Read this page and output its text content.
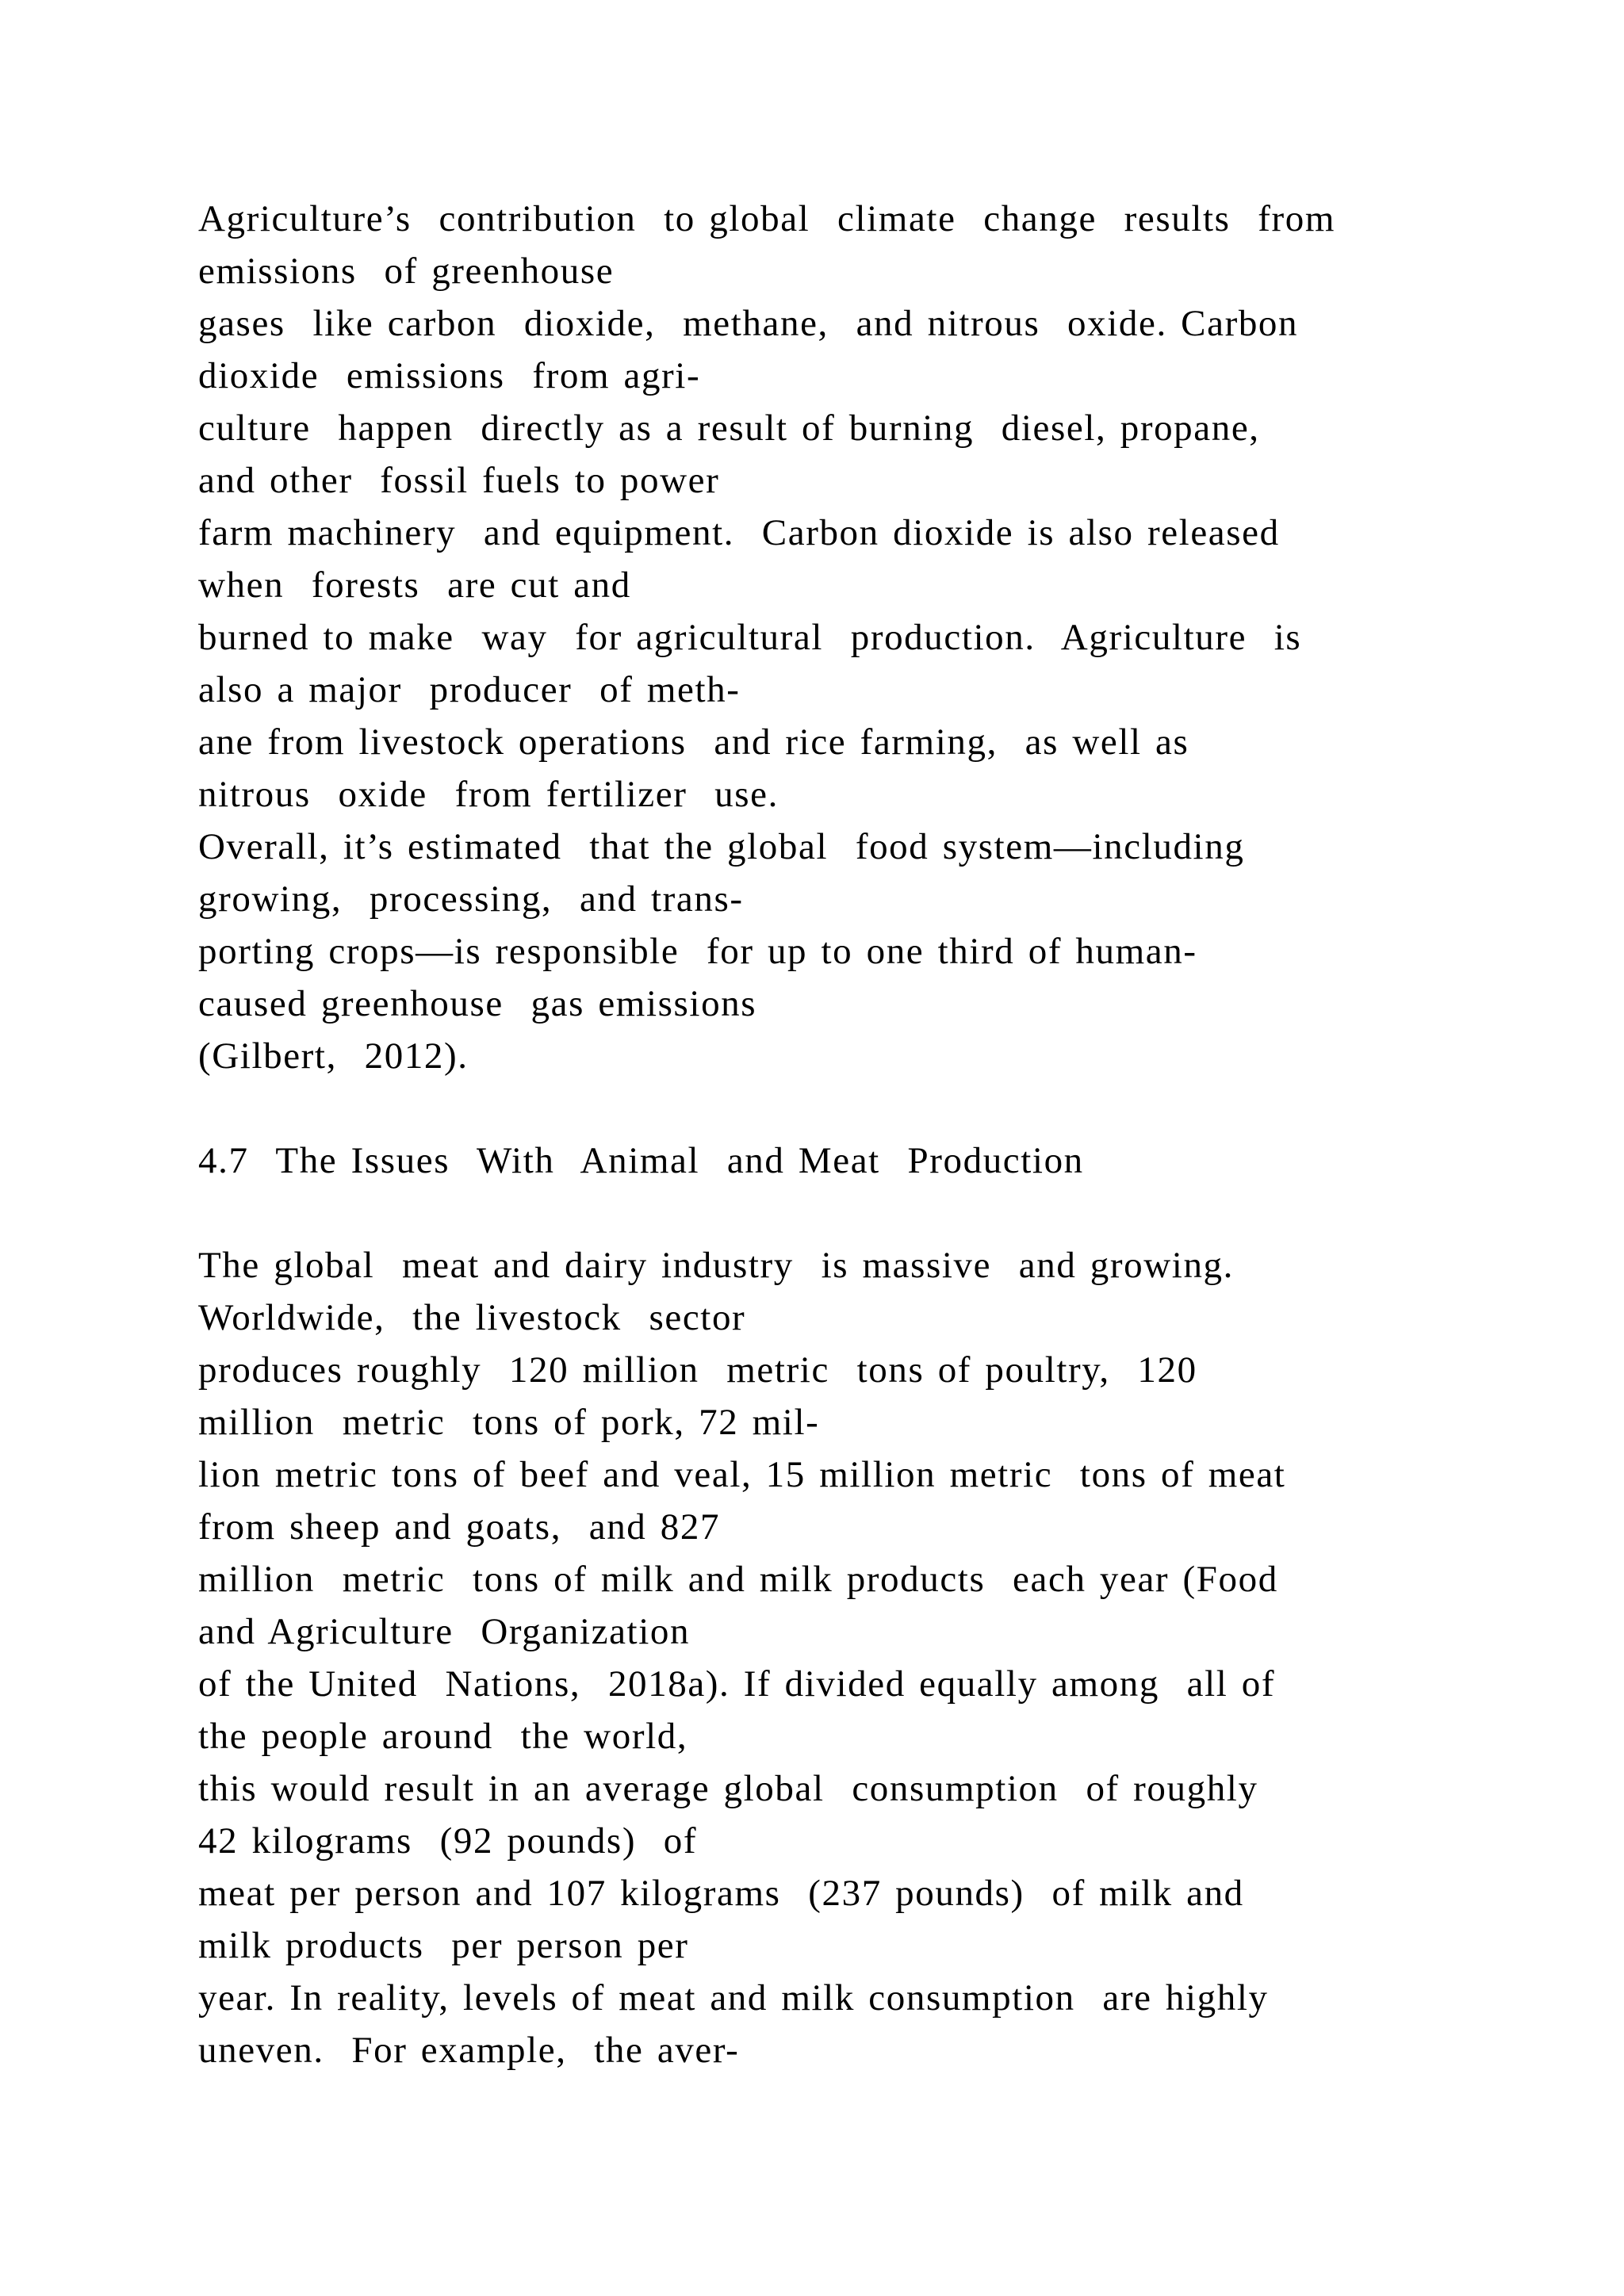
Agriculture’s  contribution  to global  climate  change  results  from
emissions  of greenhouse
gases  like carbon  dioxide,  methane,  and nitrous  oxide. Carbon
dioxide  emissions  from agri-
culture  happen  directly as a result of burning  diesel, propane,
and other  fossil fuels to power
farm machinery  and equipment.  Carbon dioxide is also released
when  forests  are cut and
burned to make  way  for agricultural  production.  Agriculture  is
also a major  producer  of meth-
ane from livestock operations  and rice farming,  as well as
nitrous  oxide  from fertilizer  use.
Overall, it’s estimated  that the global  food system—including
growing,  processing,  and trans-
porting crops—is responsible  for up to one third of human-
caused greenhouse  gas emissions
(Gilbert,  2012).
4.7  The Issues  With  Animal  and Meat  Production
The global  meat and dairy industry  is massive  and growing.
Worldwide,  the livestock  sector
produces roughly  120 million  metric  tons of poultry,  120
million  metric  tons of pork, 72 mil-
lion metric tons of beef and veal, 15 million metric  tons of meat
from sheep and goats,  and 827
million  metric  tons of milk and milk products  each year (Food
and Agriculture  Organization
of the United  Nations,  2018a). If divided equally among  all of
the people around  the world,
this would result in an average global  consumption  of roughly
42 kilograms  (92 pounds)  of
meat per person and 107 kilograms  (237 pounds)  of milk and
milk products  per person per
year. In reality, levels of meat and milk consumption  are highly
uneven.  For example,  the aver-
